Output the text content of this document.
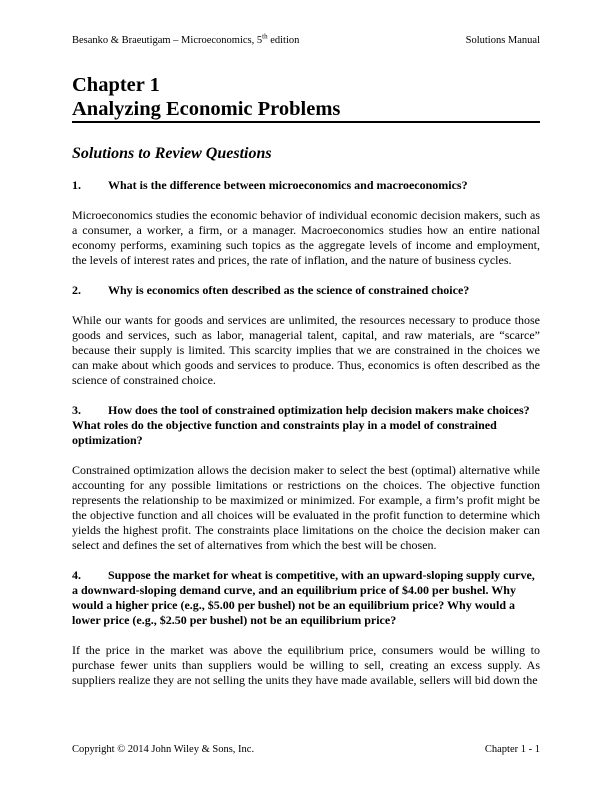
Besanko & Braeutigam – Microeconomics, 5th edition	Solutions Manual
Chapter 1
Analyzing Economic Problems
Solutions to Review Questions

1.	What is the difference between microeconomics and macroeconomics?

Microeconomics studies the economic behavior of individual economic decision makers, such as a consumer, a worker, a firm, or a manager. Macroeconomics studies how an entire national economy performs, examining such topics as the aggregate levels of income and employment, the levels of interest rates and prices, the rate of inflation, and the nature of business cycles.

2.	Why is economics often described as the science of constrained choice?

While our wants for goods and services are unlimited, the resources necessary to produce those goods and services, such as labor, managerial talent, capital, and raw materials, are “scarce” because their supply is limited. This scarcity implies that we are constrained in the choices we can make about which goods and services to produce. Thus, economics is often described as the science of constrained choice.

3. How does the tool of constrained optimization help decision makers make choices? What roles do the objective function and constraints play in a model of constrained optimization?

Constrained optimization allows the decision maker to select the best (optimal) alternative while accounting for any possible limitations or restrictions on the choices. The objective function represents the relationship to be maximized or minimized. For example, a firm’s profit might be the objective function and all choices will be evaluated in the profit function to determine which yields the highest profit. The constraints place limitations on the choice the decision maker can select and defines the set of alternatives from which the best will be chosen.

4. Suppose the market for wheat is competitive, with an upward-sloping supply curve, a downward-sloping demand curve, and an equilibrium price of $4.00 per bushel. Why would a higher price (e.g., $5.00 per bushel) not be an equilibrium price? Why would a lower price (e.g., $2.50 per bushel) not be an equilibrium price?

If the price in the market was above the equilibrium price, consumers would be willing to purchase fewer units than suppliers would be willing to sell, creating an excess supply. As suppliers realize they are not selling the units they have made available, sellers will bid down the

Copyright © 2014 John Wiley & Sons, Inc.	Chapter 1 - 1
